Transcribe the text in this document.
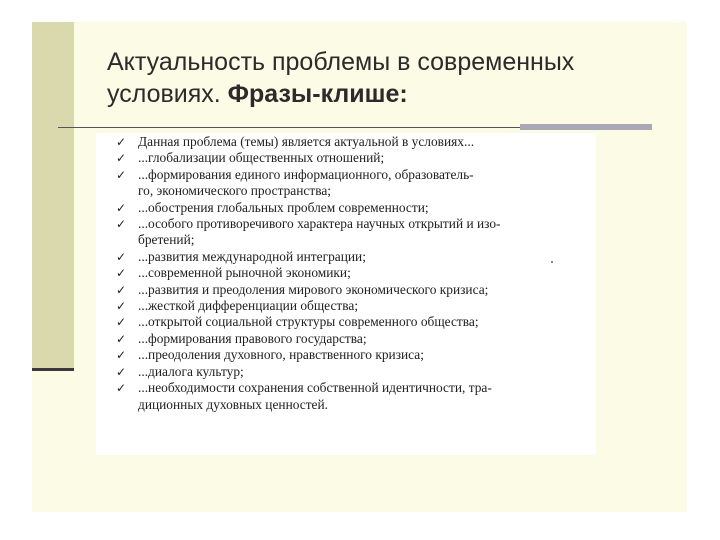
Актуальность проблемы в современных условиях. Фразы-клише:
✓ Данная проблема (темы) является актуальной в условиях...
✓ ...глобализации общественных отношений;
✓ ...формирования единого информационного, образователь-
го, экономического пространства;
✓ ...обострения глобальных проблем современности;
✓ ...особого противоречивого характера научных открытий и изо-
бретений;
✓ ...развития международной интеграции;
✓ ...современной рыночной экономики;
✓ ...развития и преодоления мирового экономического кризиса;
✓ ...жесткой дифференциации общества;
✓ ...открытой социальной структуры современного общества;
✓ ...формирования правового государства;
✓ ...преодоления духовного, нравственного кризиса;
✓ ...диалога культур;
✓ ...необходимости сохранения собственной идентичности, тра-
диционных духовных ценностей.
